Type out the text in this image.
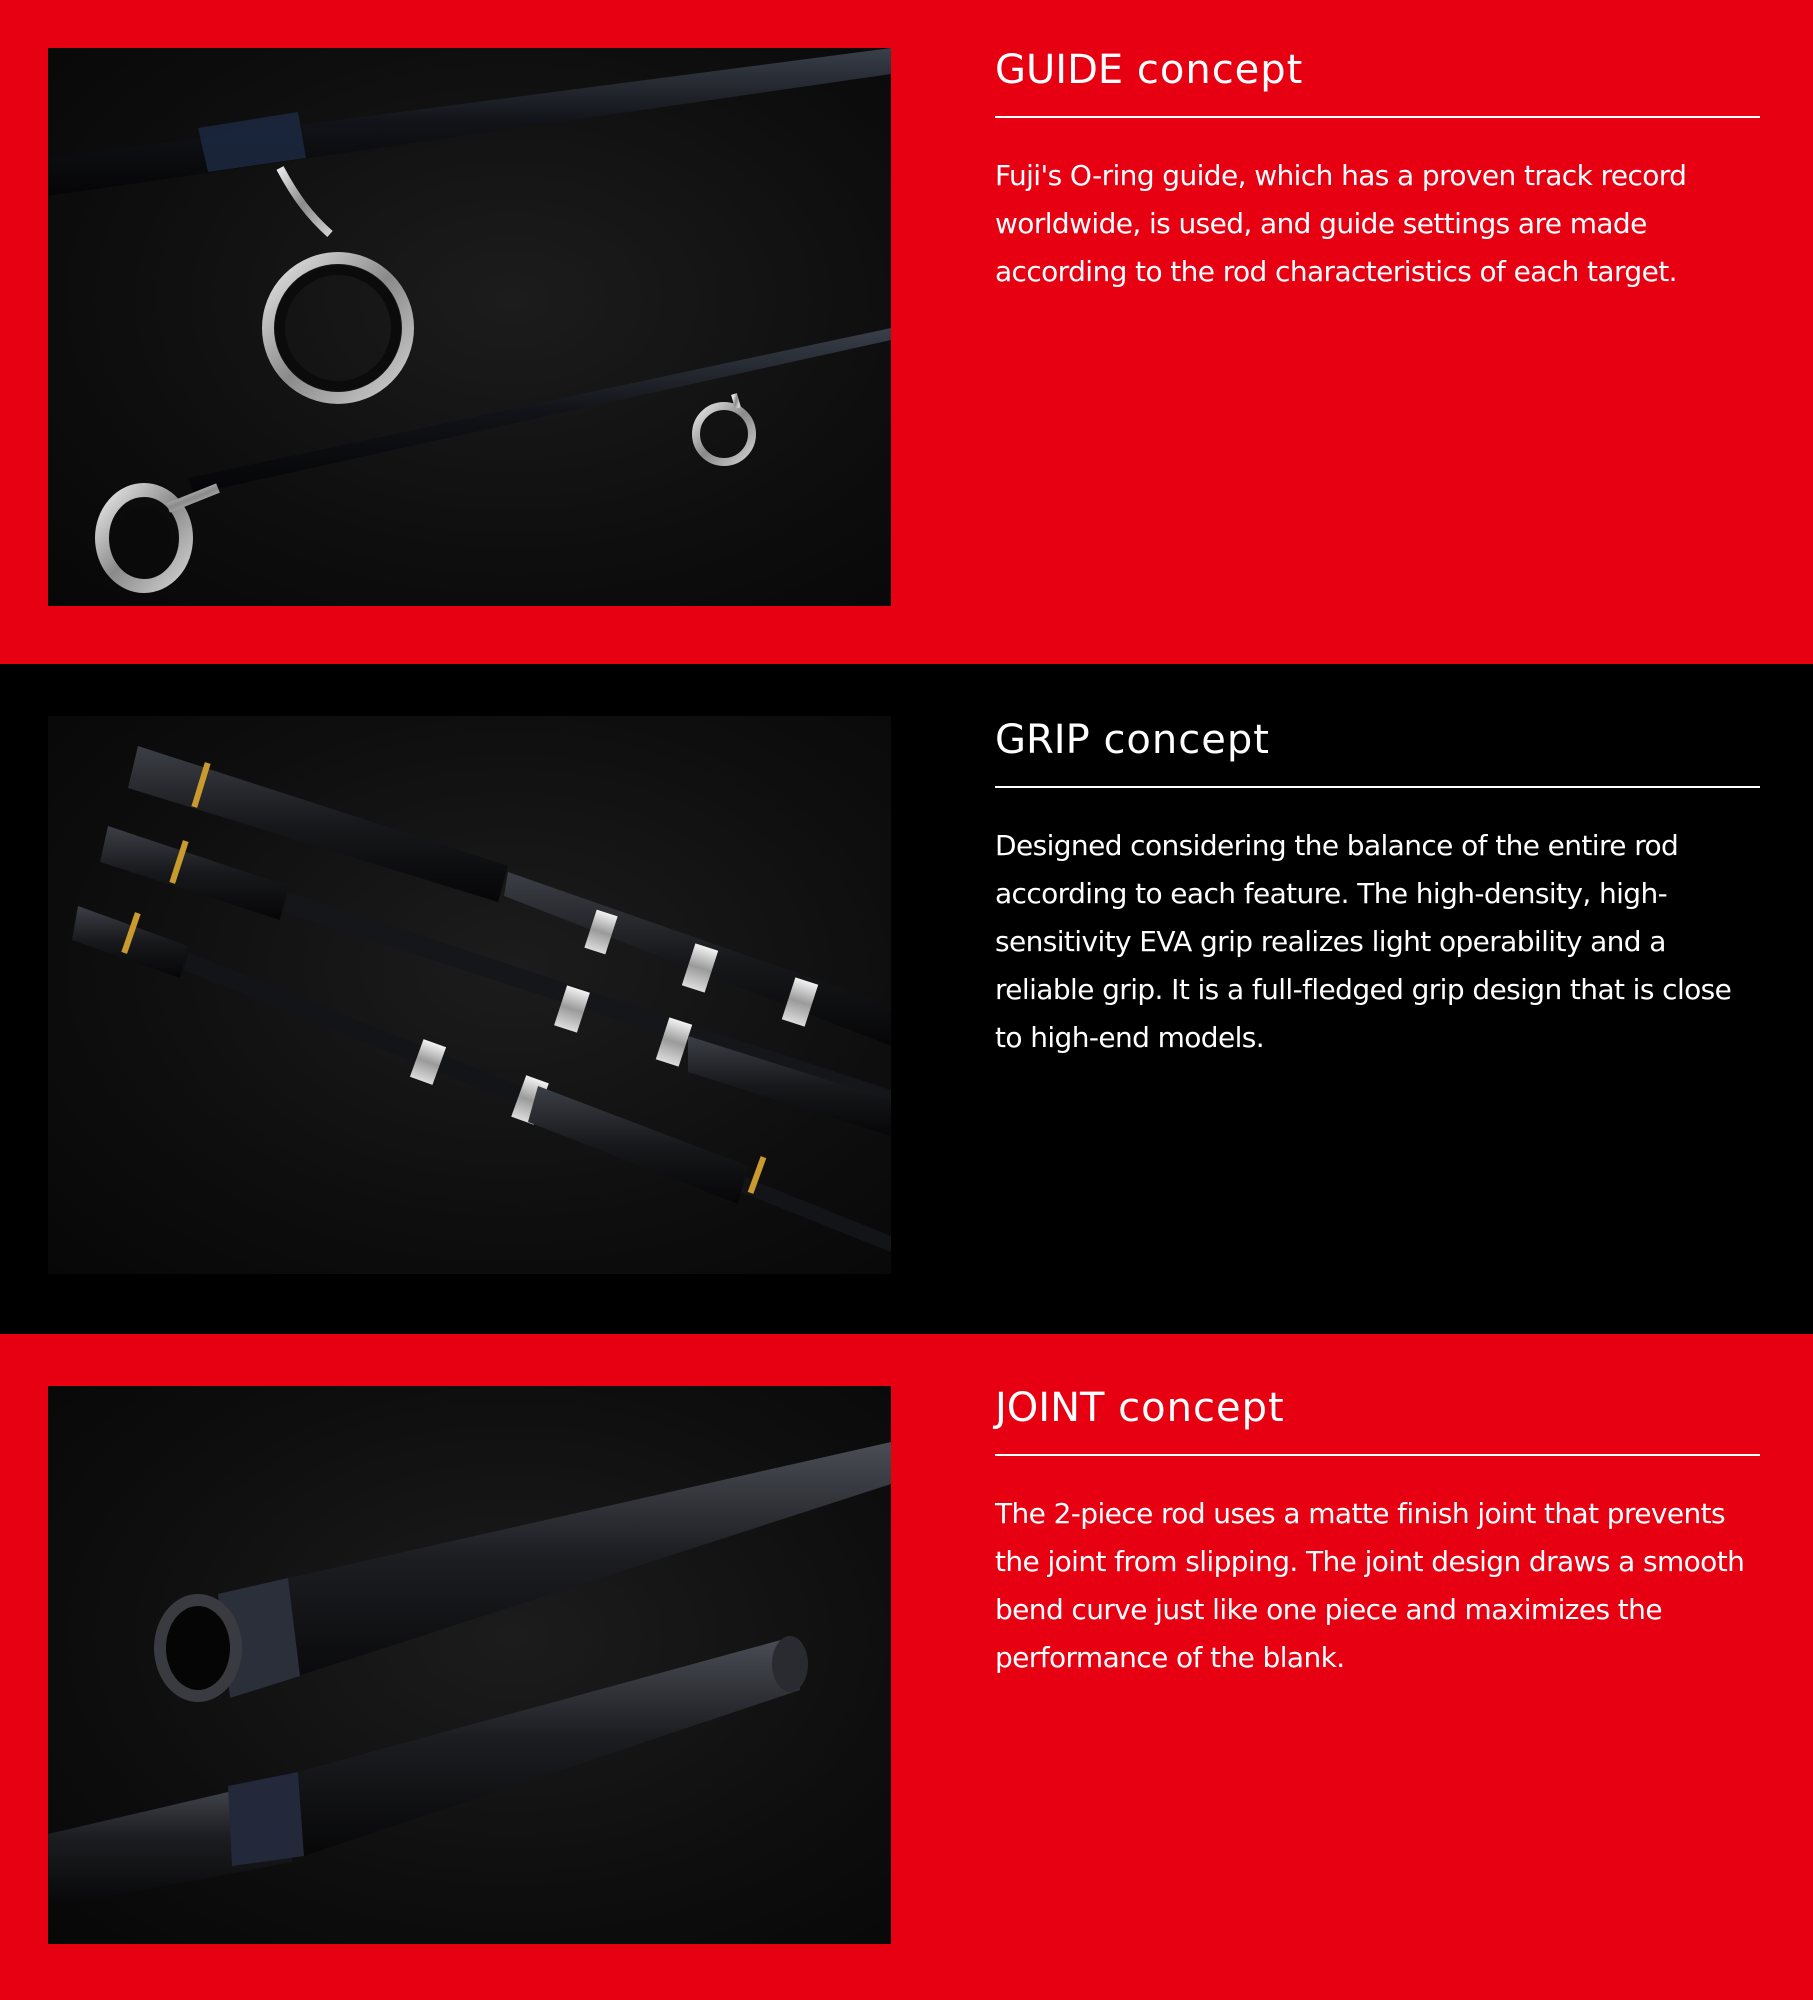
GUIDE concept

Fuji's O-ring guide, which has a proven track record
worldwide, is used, and guide settings are made
according to the rod characteristics of each target.

GRIP concept

Designed considering the balance of the entire rod
according to each feature. The high-density, high-
sensitivity EVA grip realizes light operability and a
reliable grip. It is a full-fledged grip design that is close
to high-end models.

JOINT concept

The 2-piece rod uses a matte finish joint that prevents
the joint from slipping. The joint design draws a smooth
bend curve just like one piece and maximizes the
performance of the blank.
